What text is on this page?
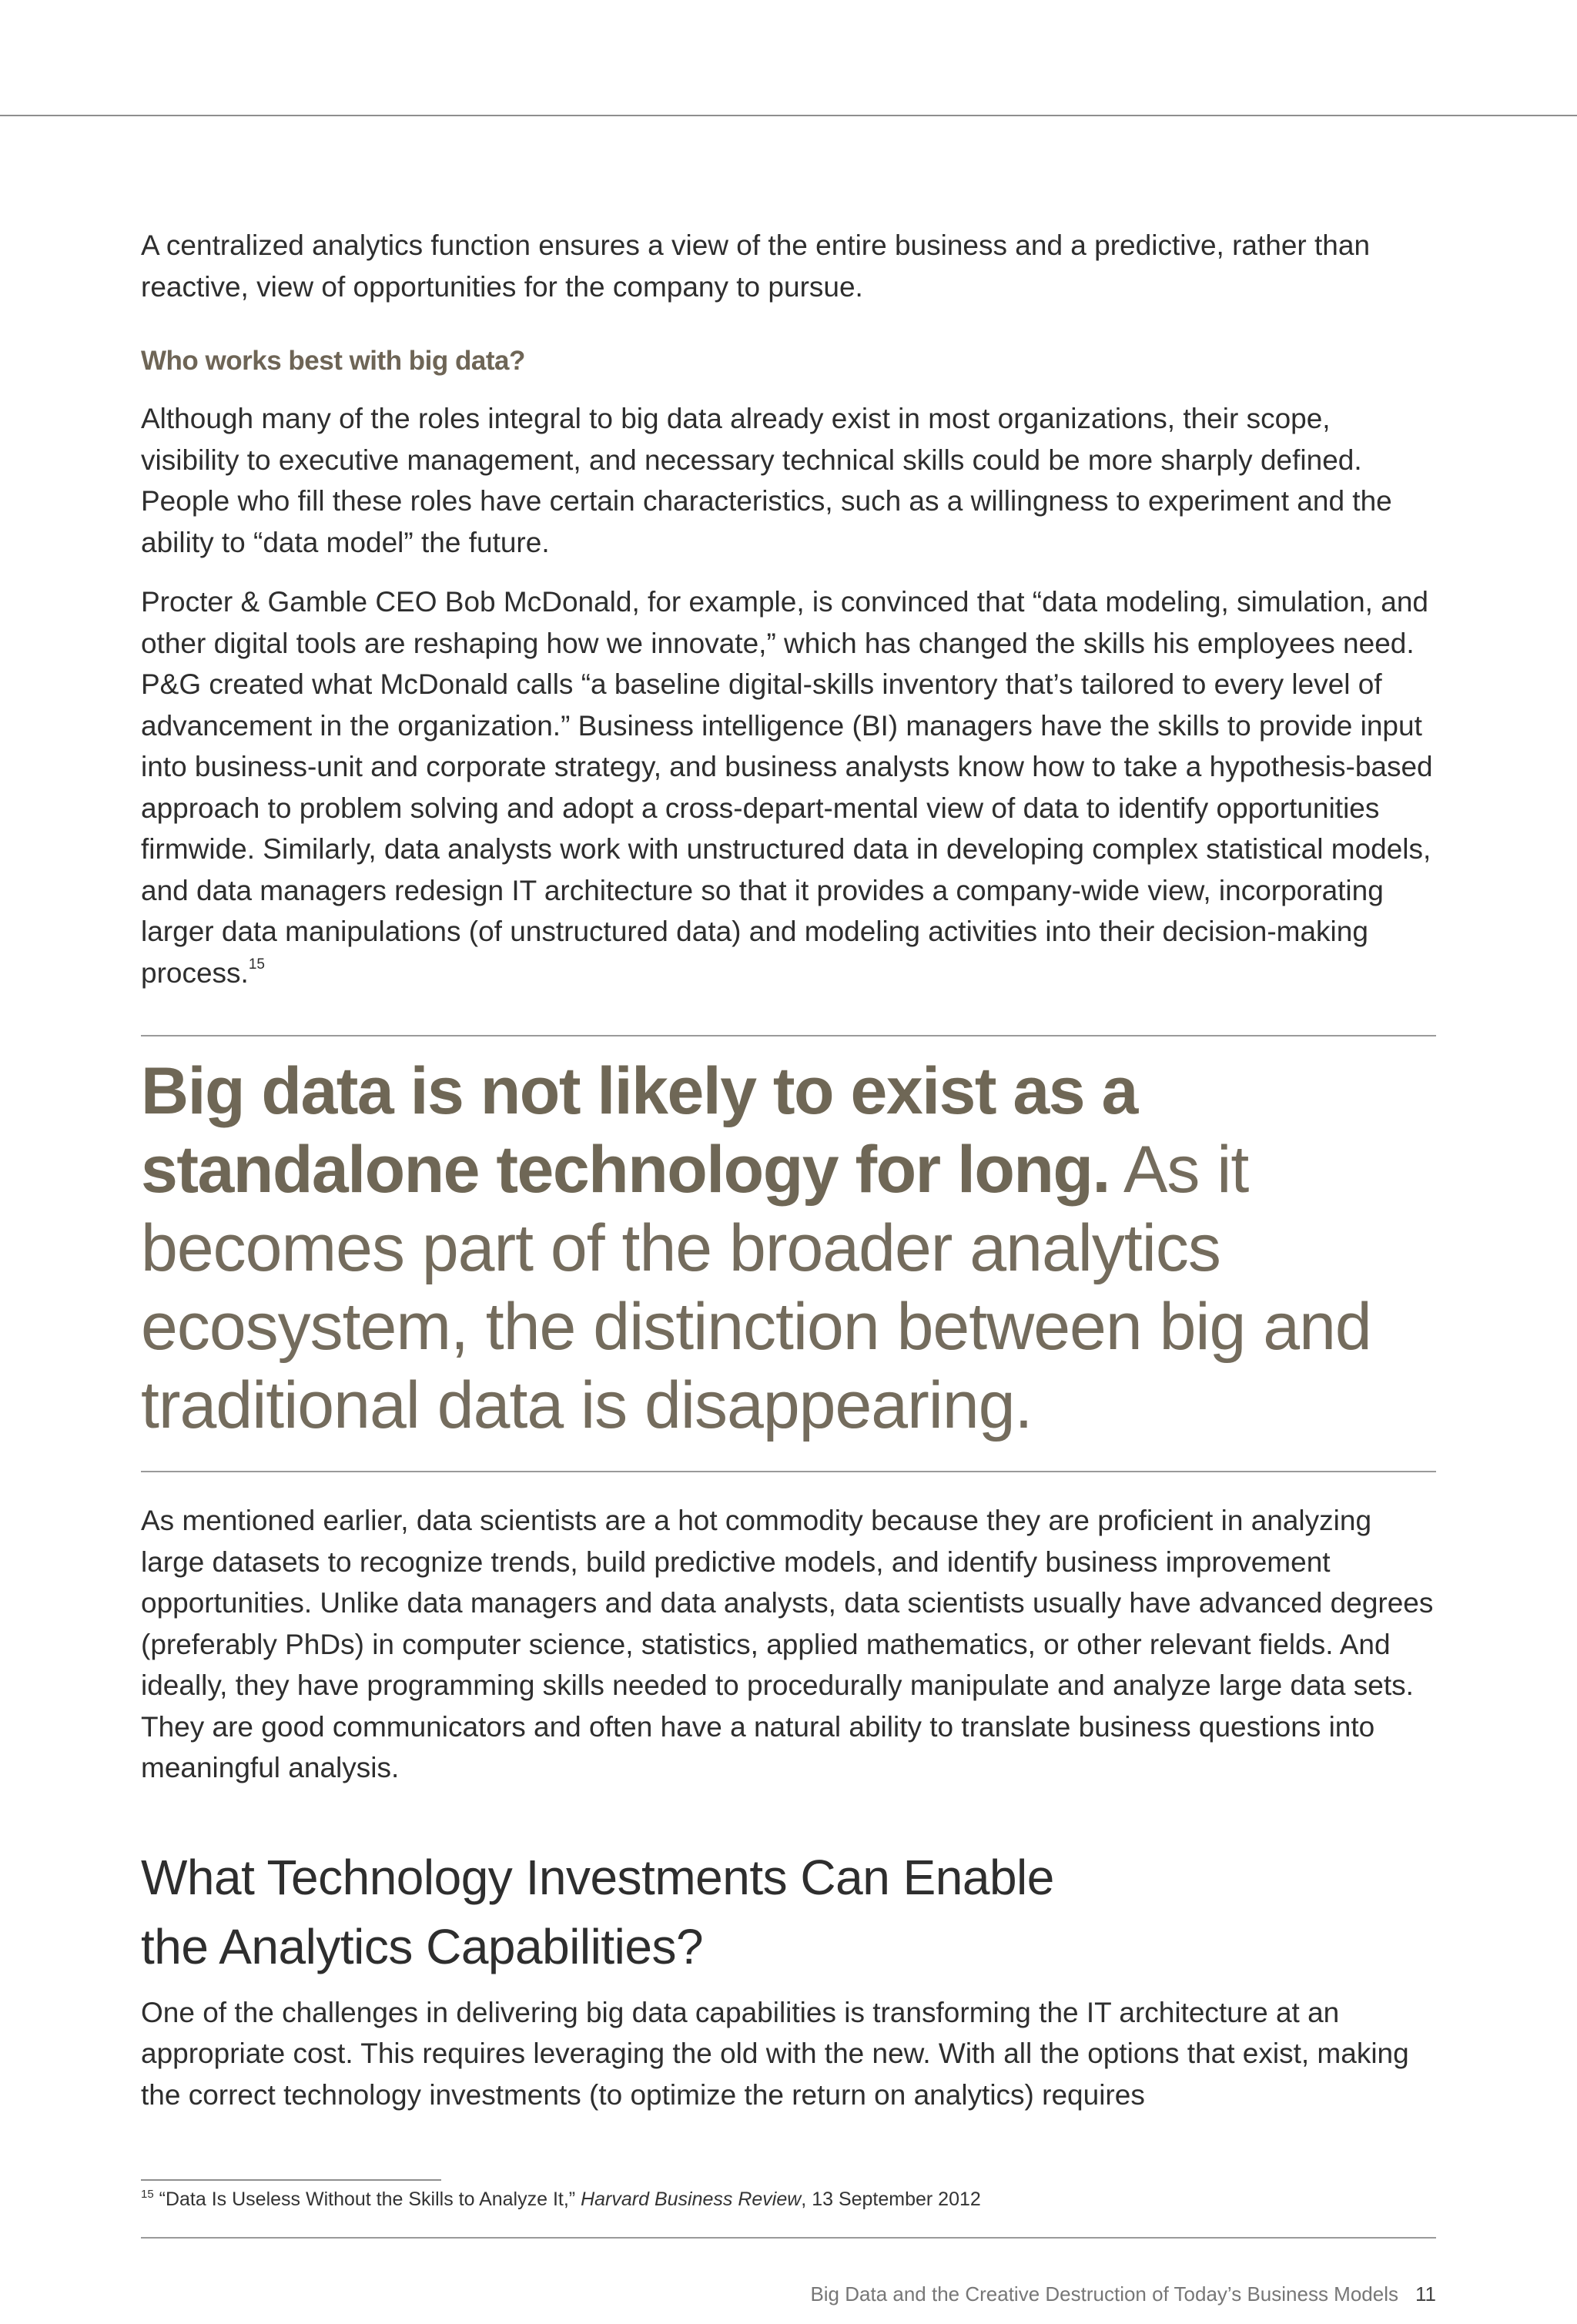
A centralized analytics function ensures a view of the entire business and a predictive, rather than reactive, view of opportunities for the company to pursue.

Who works best with big data?

Although many of the roles integral to big data already exist in most organizations, their scope, visibility to executive management, and necessary technical skills could be more sharply defined. People who fill these roles have certain characteristics, such as a willingness to experiment and the ability to “data model” the future.

Procter & Gamble CEO Bob McDonald, for example, is convinced that “data modeling, simulation, and other digital tools are reshaping how we innovate,” which has changed the skills his employees need. P&G created what McDonald calls “a baseline digital-skills inventory that’s tailored to every level of advancement in the organization.” Business intelligence (BI) managers have the skills to provide input into business-unit and corporate strategy, and business analysts know how to take a hypothesis-based approach to problem solving and adopt a cross-depart-mental view of data to identify opportunities firmwide. Similarly, data analysts work with unstructured data in developing complex statistical models, and data managers redesign IT architecture so that it provides a company-wide view, incorporating larger data manipulations (of unstructured data) and modeling activities into their decision-making process.$^{15}$

Big data is not likely to exist as a standalone technology for long. As it becomes part of the broader analytics ecosystem, the distinction between big and traditional data is disappearing.

As mentioned earlier, data scientists are a hot commodity because they are proficient in analyzing large datasets to recognize trends, build predictive models, and identify business improvement opportunities. Unlike data managers and data analysts, data scientists usually have advanced degrees (preferably PhDs) in computer science, statistics, applied mathematics, or other relevant fields. And ideally, they have programming skills needed to procedurally manipulate and analyze large data sets. They are good communicators and often have a natural ability to translate business questions into meaningful analysis.

What Technology Investments Can Enable
the Analytics Capabilities?

One of the challenges in delivering big data capabilities is transforming the IT architecture at an appropriate cost. This requires leveraging the old with the new. With all the options that exist, making the correct technology investments (to optimize the return on analytics) requires

$^{15}$ “Data Is Useless Without the Skills to Analyze It,” Harvard Business Review, 13 September 2012
Big Data and the Creative Destruction of Today’s Business Models 11
